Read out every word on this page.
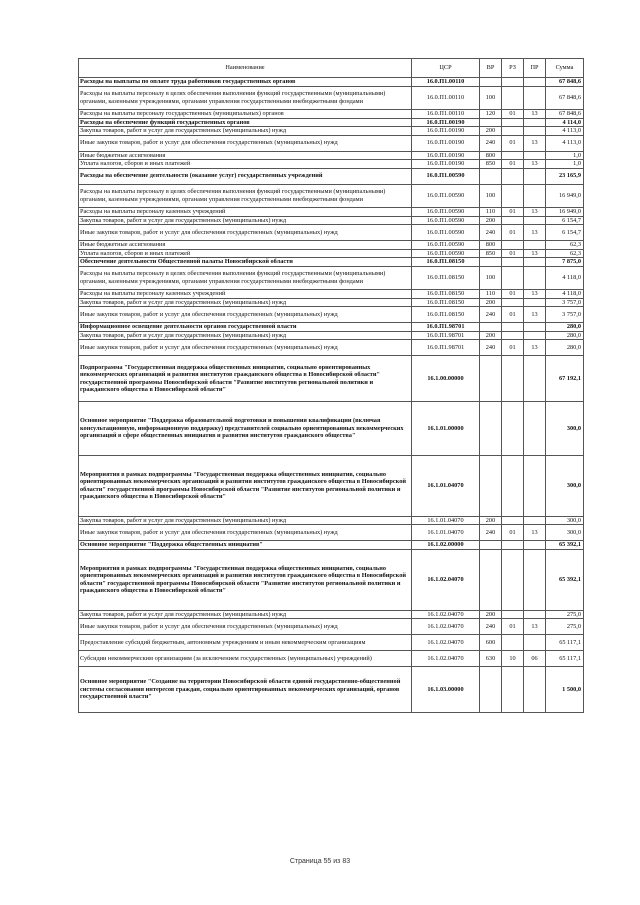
Наименование	ЦСР	ВР	РЗ	ПР	Сумма
Расходы на выплаты по оплате труда работников государственных органов	16.0.П1.00110				67 848,6
Расходы на выплаты персоналу в целях обеспечения выполнения функций государственными (муниципальными) органами, казенными учреждениями, органами управления государственными внебюджетными фондами	16.0.П1.00110	100			67 848,6
Расходы на выплаты персоналу государственных (муниципальных) органов	16.0.П1.00110	120	01	13	67 848,6
Расходы на обеспечение функций государственных органов	16.0.П1.00190				4 114,0
Закупка товаров, работ и услуг для государственных (муниципальных) нужд	16.0.П1.00190	200			4 113,0
Иные закупки товаров, работ и услуг для обеспечения государственных (муниципальных) нужд	16.0.П1.00190	240	01	13	4 113,0
Иные бюджетные ассигнования	16.0.П1.00190	800			1,0
Уплата налогов, сборов и иных платежей	16.0.П1.00190	850	01	13	1,0
Расходы на обеспечение деятельности (оказание услуг) государственных учреждений	16.0.П1.00590				23 165,9
Расходы на выплаты персоналу в целях обеспечения выполнения функций государственными (муниципальными) органами, казенными учреждениями, органами управления государственными внебюджетными фондами	16.0.П1.00590	100			16 949,0
Расходы на выплаты персоналу казенных учреждений	16.0.П1.00590	110	01	13	16 949,0
Закупка товаров, работ и услуг для государственных (муниципальных) нужд	16.0.П1.00590	200			6 154,7
Иные закупки товаров, работ и услуг для обеспечения государственных (муниципальных) нужд	16.0.П1.00590	240	01	13	6 154,7
Иные бюджетные ассигнования	16.0.П1.00590	800			62,3
Уплата налогов, сборов и иных платежей	16.0.П1.00590	850	01	13	62,3
Обеспечение деятельности Общественной палаты Новосибирской области	16.0.П1.08150				7 875,0
Расходы на выплаты персоналу в целях обеспечения выполнения функций государственными (муниципальными) органами, казенными учреждениями, органами управления государственными внебюджетными фондами	16.0.П1.08150	100			4 118,0
Расходы на выплаты персоналу казенных учреждений	16.0.П1.08150	110	01	13	4 118,0
Закупка товаров, работ и услуг для государственных (муниципальных) нужд	16.0.П1.08150	200			3 757,0
Иные закупки товаров, работ и услуг для обеспечения государственных (муниципальных) нужд	16.0.П1.08150	240	01	13	3 757,0
Информационное освещение деятельности органов государственной власти	16.0.П1.98701				280,0
Закупка товаров, работ и услуг для государственных (муниципальных) нужд	16.0.П1.98701	200			280,0
Иные закупки товаров, работ и услуг для обеспечения государственных (муниципальных) нужд	16.0.П1.98701	240	01	13	280,0
Подпрограмма "Государственная поддержка общественных инициатив, социально ориентированных некоммерческих организаций и развития институтов гражданского общества в Новосибирской области" государственной программы Новосибирской области "Развитие институтов региональной политики и гражданского общества в Новосибирской области"	16.1.00.00000				67 192,1
Основное мероприятие "Поддержка образовательной подготовки и повышения квалификации (включая консультационную, информационную поддержку) представителей социально ориентированных некоммерческих организаций в сфере общественных инициатив и развития институтов гражданского общества"	16.1.01.00000				300,0
Мероприятия в рамках подпрограммы "Государственная поддержка общественных инициатив, социально ориентированных некоммерческих организаций и развития институтов гражданского общества в Новосибирской области" государственной программы Новосибирской области "Развитие институтов региональной политики и гражданского общества в Новосибирской области"	16.1.01.04070				300,0
Закупка товаров, работ и услуг для государственных (муниципальных) нужд	16.1.01.04070	200			300,0
Иные закупки товаров, работ и услуг для обеспечения государственных (муниципальных) нужд	16.1.01.04070	240	01	13	300,0
Основное мероприятие "Поддержка общественных инициатив"	16.1.02.00000				65 392,1
Мероприятия в рамках подпрограммы "Государственная поддержка общественных инициатив, социально ориентированных некоммерческих организаций и развития институтов гражданского общества в Новосибирской области" государственной программы Новосибирской области "Развитие институтов региональной политики и гражданского общества в Новосибирской области"	16.1.02.04070				65 392,1
Закупка товаров, работ и услуг для государственных (муниципальных) нужд	16.1.02.04070	200			275,0
Иные закупки товаров, работ и услуг для обеспечения государственных (муниципальных) нужд	16.1.02.04070	240	01	13	275,0
Предоставление субсидий бюджетным, автономным учреждениям и иным некоммерческим организациям	16.1.02.04070	600			65 117,1
Субсидии некоммерческим организациям (за исключением государственных (муниципальных) учреждений)	16.1.02.04070	630	10	06	65 117,1
Основное мероприятие "Создание на территории Новосибирской области единой государственно-общественной системы согласования интересов граждан, социально ориентированных некоммерческих организаций, органов государственной власти"	16.1.03.00000				1 500,0
Страница 55 из 83
